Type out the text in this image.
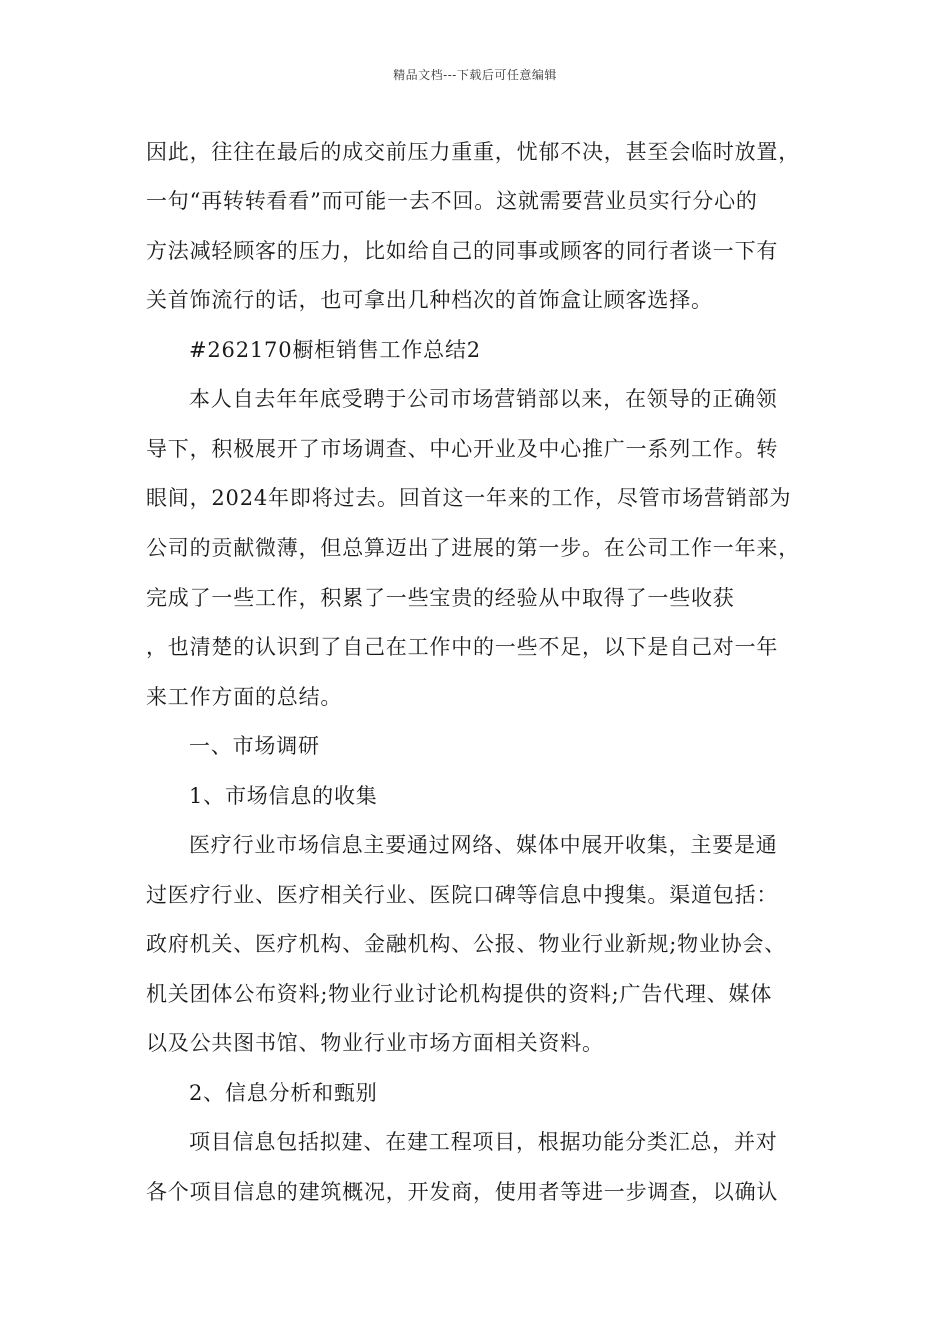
精品文档---下载后可任意编辑
因此，往往在最后的成交前压力重重，忧郁不决，甚至会临时放置，
一句“再转转看看”而可能一去不回。这就需要营业员实行分心的
方法减轻顾客的压力，比如给自己的同事或顾客的同行者谈一下有
关首饰流行的话，也可拿出几种档次的首饰盒让顾客选择。
#262170橱柜销售工作总结2
本人自去年年底受聘于公司市场营销部以来，在领导的正确领
导下，积极展开了市场调查、中心开业及中心推广一系列工作。转
眼间，2024年即将过去。回首这一年来的工作，尽管市场营销部为
公司的贡献微薄，但总算迈出了进展的第一步。在公司工作一年来，
完成了一些工作，积累了一些宝贵的经验从中取得了一些收获
，也清楚的认识到了自己在工作中的一些不足，以下是自己对一年
来工作方面的总结。
一、市场调研
1、市场信息的收集
医疗行业市场信息主要通过网络、媒体中展开收集，主要是通
过医疗行业、医疗相关行业、医院口碑等信息中搜集。渠道包括：
政府机关、医疗机构、金融机构、公报、物业行业新规;物业协会、
机关团体公布资料;物业行业讨论机构提供的资料;广告代理、媒体
以及公共图书馆、物业行业市场方面相关资料。
2、信息分析和甄别
项目信息包括拟建、在建工程项目，根据功能分类汇总，并对
各个项目信息的建筑概况，开发商，使用者等进一步调查，以确认
